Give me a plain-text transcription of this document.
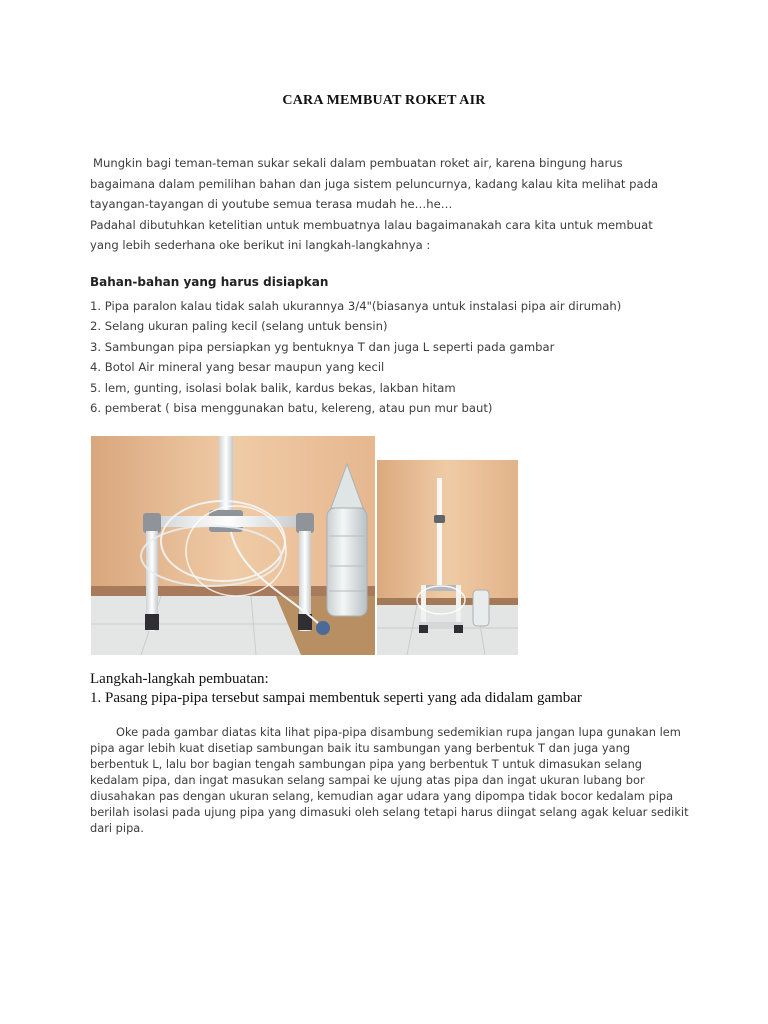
CARA MEMBUAT ROKET AIR

Mungkin bagi teman-teman sukar sekali dalam pembuatan roket air, karena bingung harus bagaimana dalam pemilihan bahan dan juga sistem peluncurnya, kadang kalau kita melihat pada tayangan-tayangan di youtube semua terasa mudah he…he…

Padahal dibutuhkan ketelitian untuk membuatnya lalau bagaimanakah cara kita untuk membuat yang lebih sederhana oke berikut ini langkah-langkahnya :

Bahan-bahan yang harus disiapkan
1. Pipa paralon kalau tidak salah ukurannya 3/4"(biasanya untuk instalasi pipa air dirumah)
2. Selang ukuran paling kecil (selang untuk bensin)
3. Sambungan pipa persiapkan yg bentuknya T dan juga L seperti pada gambar
4. Botol Air mineral yang besar maupun yang kecil
5. lem, gunting, isolasi bolak balik, kardus bekas, lakban hitam
6. pemberat ( bisa menggunakan batu, kelereng, atau pun mur baut)
Langkah-langkah pembuatan:
1. Pasang pipa-pipa tersebut sampai membentuk seperti yang ada didalam gambar

Oke pada gambar diatas kita lihat pipa-pipa disambung sedemikian rupa jangan lupa gunakan lem pipa agar lebih kuat disetiap sambungan baik itu sambungan yang berbentuk T dan juga yang berbentuk L, lalu bor bagian tengah sambungan pipa yang berbentuk T untuk dimasukan selang kedalam pipa, dan ingat masukan selang sampai ke ujung atas pipa dan ingat ukuran lubang bor diusahakan pas dengan ukuran selang, kemudian agar udara yang dipompa tidak bocor kedalam pipa berilah isolasi pada ujung pipa yang dimasuki oleh selang tetapi harus diingat selang agak keluar sedikit dari pipa.
